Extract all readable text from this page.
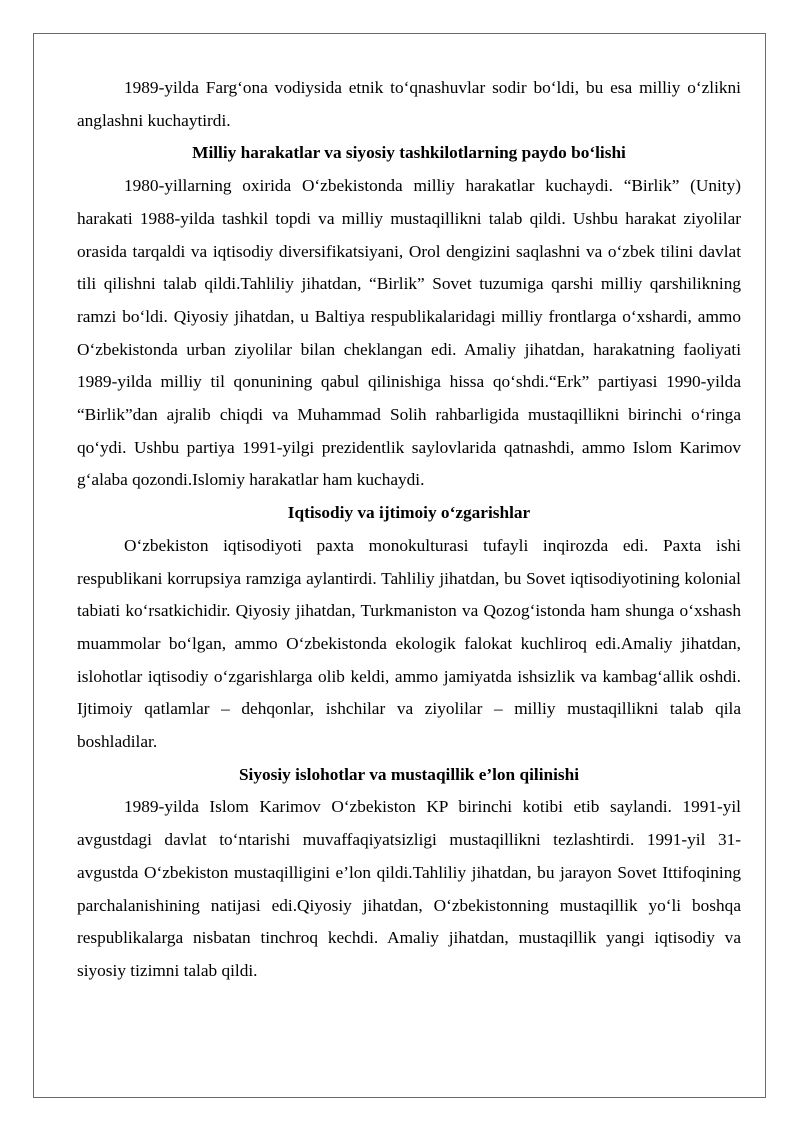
1989-yilda Farg‘ona vodiysida etnik to‘qnashuvlar sodir bo‘ldi, bu esa milliy o‘zlikni anglashni kuchaytirdi.

Milliy harakatlar va siyosiy tashkilotlarning paydo bo‘lishi

1980-yillarning oxirida O‘zbekistonda milliy harakatlar kuchaydi. “Birlik” (Unity) harakati 1988-yilda tashkil topdi va milliy mustaqillikni talab qildi. Ushbu harakat ziyolilar orasida tarqaldi va iqtisodiy diversifikatsiyani, Orol dengizini saqlashni va o‘zbek tilini davlat tili qilishni talab qildi.Tahliliy jihatdan, “Birlik” Sovet tuzumiga qarshi milliy qarshilikning ramzi bo‘ldi. Qiyosiy jihatdan, u Baltiya respublikalaridagi milliy frontlarga o‘xshardi, ammo O‘zbekistonda urban ziyolilar bilan cheklangan edi. Amaliy jihatdan, harakatning faoliyati 1989-yilda milliy til qonunining qabul qilinishiga hissa qo‘shdi.“Erk” partiyasi 1990-yilda “Birlik”dan ajralib chiqdi va Muhammad Solih rahbarligida mustaqillikni birinchi o‘ringa qo‘ydi. Ushbu partiya 1991-yilgi prezidentlik saylovlarida qatnashdi, ammo Islom Karimov g‘alaba qozondi.Islomiy harakatlar ham kuchaydi.

Iqtisodiy va ijtimoiy o‘zgarishlar

O‘zbekiston iqtisodiyoti paxta monokulturasi tufayli inqirozda edi. Paxta ishi respublikani korrupsiya ramziga aylantirdi. Tahliliy jihatdan, bu Sovet iqtisodiyotining kolonial tabiati ko‘rsatkichidir. Qiyosiy jihatdan, Turkmaniston va Qozog‘istonda ham shunga o‘xshash muammolar bo‘lgan, ammo O‘zbekistonda ekologik falokat kuchliroq edi.Amaliy jihatdan, islohotlar iqtisodiy o‘zgarishlarga olib keldi, ammo jamiyatda ishsizlik va kambag‘allik oshdi. Ijtimoiy qatlamlar – dehqonlar, ishchilar va ziyolilar – milliy mustaqillikni talab qila boshladilar.

Siyosiy islohotlar va mustaqillik e’lon qilinishi

1989-yilda Islom Karimov O‘zbekiston KP birinchi kotibi etib saylandi. 1991-yil avgustdagi davlat to‘ntarishi muvaffaqiyatsizligi mustaqillikni tezlashtirdi. 1991-yil 31-avgustda O‘zbekiston mustaqilligini e’lon qildi.Tahliliy jihatdan, bu jarayon Sovet Ittifoqining parchalanishining natijasi edi.Qiyosiy jihatdan, O‘zbekistonning mustaqillik yo‘li boshqa respublikalarga nisbatan tinchroq kechdi. Amaliy jihatdan, mustaqillik yangi iqtisodiy va siyosiy tizimni talab qildi.
